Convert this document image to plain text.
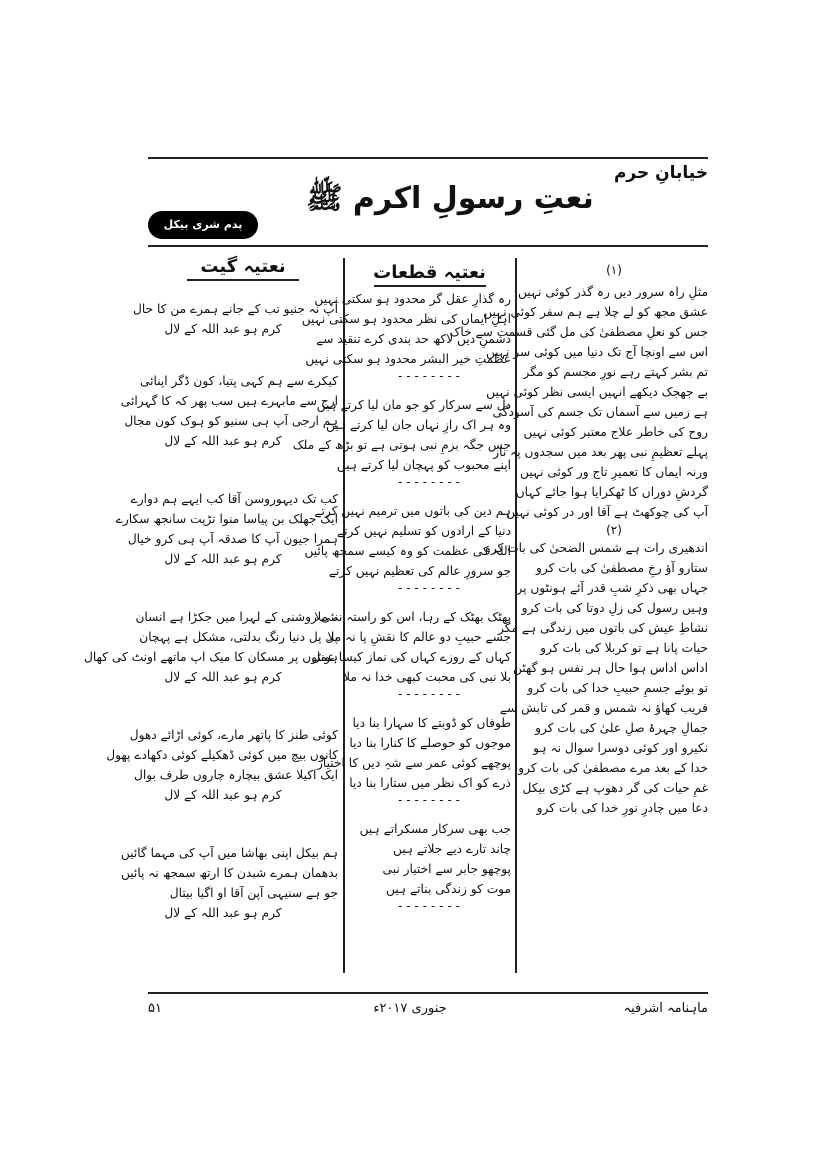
خیابانِ حرم
نعتِ رسولِ اکرم ﷺ
پدم شری بیکل اتساہی
(۱)
مثلِ راہ سرور دیں رہ گذر کوئی نہیں
عشق مجھ کو لے چلا ہے ہم سفر کوئی نہیں
جس کو نعلِ مصطفیٰ کی مل گئی قسمت سے خاک
اس سے اونچا آج تک دنیا میں کوئی سر نہیں
تم بشر کہتے رہے نورِ مجسم کو مگر
بے جھجک دیکھے انہیں ایسی نظر کوئی نہیں
ہے زمیں سے آسماں تک جسم کی آسودگی
روح کی خاطر علاج معتبر کوئی نہیں
پہلے تعظیمِ نبی پھر بعد میں سجدوں پہ ناز
ورنہ ایماں کا تعمیرِ تاج ور کوئی نہیں
گردشِ دوراں کا ٹھکرایا ہوا جائے کہاں
آپ کی چوکھٹ ہے آقا اور در کوئی نہیں
(۲)
اندھیری رات ہے شمس الضحیٰ کی بات کرو
ستارو آؤ رخِ مصطفیٰ کی بات کرو
جہاں بھی ذکرِ شبِ قدر آئے ہونٹوں پر
وہیں رسول کی زلِ دوتا کی بات کرو
نشاطِ عیش کی باتوں میں زندگی ہے مگر
حیات پانا ہے تو کربلا کی بات کرو
اداس اداس ہوا حال ہر نفس ہو گھٹن
تو بوئے جسمِ حبیبِ خدا کی بات کرو
فریب کھاؤ نہ شمس و قمر کی تابش سے
جمالِ چہرۂ صلِ علیٰ کی بات کرو
نکیرو اور کوئی دوسرا سوال نہ ہو
خدا کے بعد مرے مصطفیٰ کی بات کرو
غمِ حیات کی گر دھوپ ہے کڑی بیکل
دعا میں چادرِ نورِ خدا کی بات کرو
نعتیہ قطعات
رہ گذارِ عقل گر محدود ہو سکتی نہیں
اہلِ ایماں کی نظر محدود ہو سکتی نہیں
دشمنِ دیں لاکھ حد بندی کرے تنقید سے
عظمتِ خیر البشر محدود ہو سکتی نہیں
--------
دل سے سرکار کو جو مان لیا کرتے ہیں
وہ ہر اک رازِ نہاں جان لیا کرتے ہیں
جس جگہ بزمِ نبی ہوتی ہے تو بڑھ کے ملک
اپنے محبوب کو پہچان لیا کرتے ہیں
--------
ہم دین کی باتوں میں ترمیم نہیں کرتے
دنیا کے ارادوں کو تسلیم نہیں کرتے
اللہ کی عظمت کو وہ کیسے سمجھ پائیں
جو سرورِ عالم کی تعظیم نہیں کرتے
--------
بھٹک بھٹک کے رہا، اس کو راستہ نہ ملا
جسے حبیبِ دو عالم کا نقشِ پا نہ ملا
کہاں کے روزے کہاں کی نماز کیسا عمل
بلا نبی کی محبت کبھی خدا نہ ملا
--------
طوفاں کو ڈوبتے کا سہارا بنا دیا
موجوں کو حوصلے کا کنارا بنا دیا
پوچھے کوئی عمر سے شہِ دیں کا اختیار
ذرے کو اک نظر میں ستارا بنا دیا
--------
جب بھی سرکار مسکراتے ہیں
چاند تارے دیے جلاتے ہیں
پوچھو جابر سے اختیار نبی
موت کو زندگی بناتے ہیں
--------
نعتیہ گیت
آپ نہ جنیو تب کے جانے ہمرے من کا حال
کرم ہو عبد اللہ کے لال
کیکرے سے ہم کہی پتیا، کون ڈگر اپنائی
ارج سے مابہرے ہیں سب پھر کہ کا گہرائی
ہم ارجی آپ ہی سنیو کو ہوک کون مجال
کرم ہو عبد اللہ کے لال
کب تک دیہوروسن آقا کب ایہے ہم دوارے
ایک جھلک بن پیاسا منوا تڑپت سانجھ سکارے
ہمرا جیون آپ کا صدقہ آپ ہی کرو خیال
کرم ہو عبد اللہ کے لال
نئی روشنی کے لہرا میں جکڑا ہے انسان
پل پل دنیا رنگ بدلتی، مشکل ہے پہچان
ہونٹوں پر مسکان کا میک اپ ماتھے اونٹ کی کھال
کرم ہو عبد اللہ کے لال
کوئی طنز کا پاتھر مارے، کوئی اڑائے دھول
کانوں بیچ میں کوئی ڈھکیلے کوئی دکھادے پھول
ایک اکیلا عشق بیچارہ چاروں طرف بوال
کرم ہو عبد اللہ کے لال
ہم بیکل اپنی بھاشا میں آپ کی مہما گائیں
بدھمان ہمرے شبدن کا ارتھ سمجھ نہ پائیں
جو ہے سنیہی آپن آقا او اگیا بیتال
کرم ہو عبد اللہ کے لال
۵۱	جنوری ۲۰۱۷ء	ماہنامہ اشرفیہ
